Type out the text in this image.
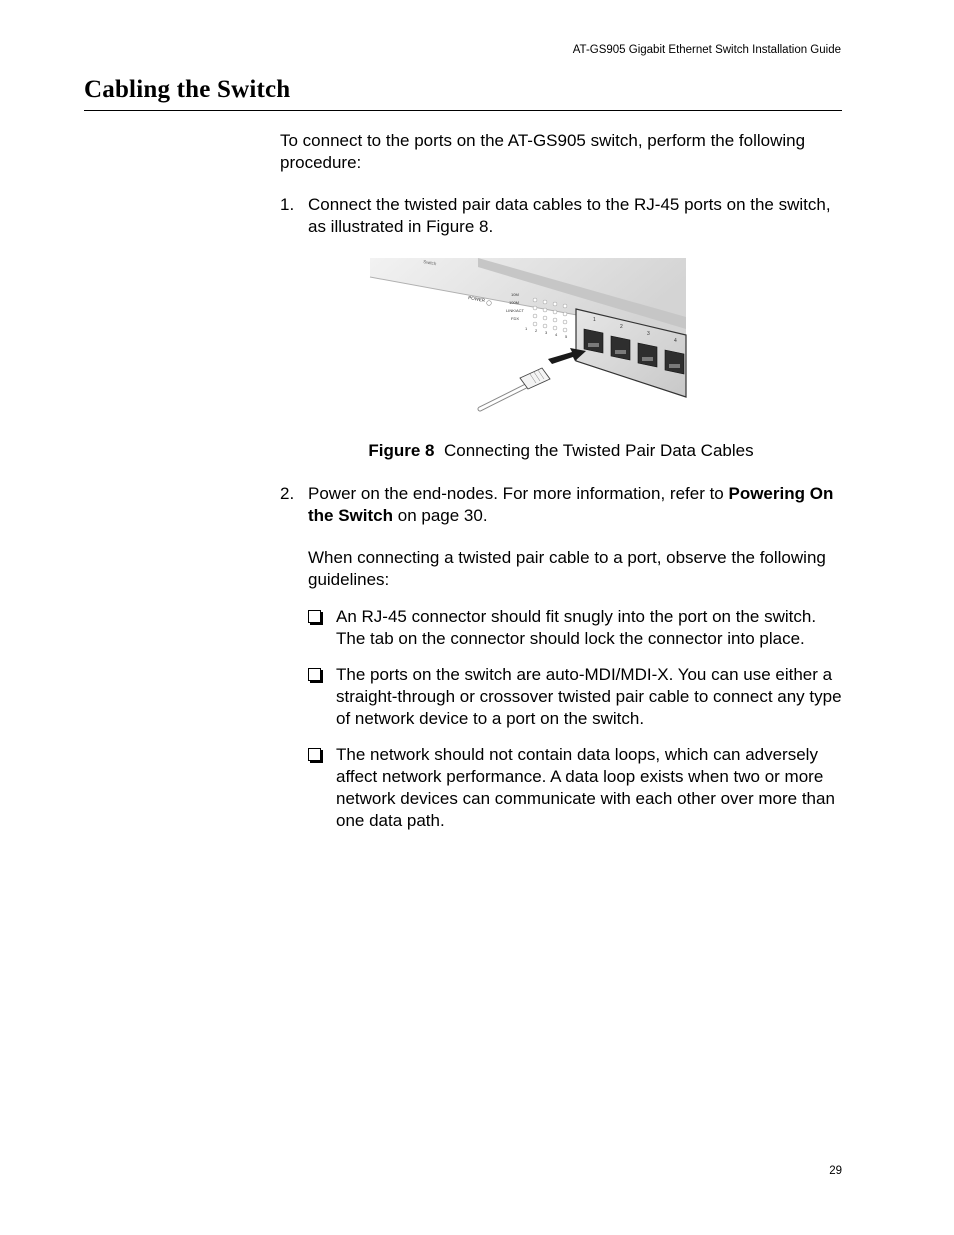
AT-GS905 Gigabit Ethernet Switch Installation Guide
Cabling the Switch
To connect to the ports on the AT-GS905 switch, perform the following procedure:
1. Connect the twisted pair data cables to the RJ-45 ports on the switch, as illustrated in Figure 8.
1
2
3
4
Switch
POWER
10M
100M
LINK/ACT
FDX
1 2 3 4 5
Figure 8 Connecting the Twisted Pair Data Cables
2. Power on the end-nodes. For more information, refer to Powering On the Switch on page 30.
When connecting a twisted pair cable to a port, observe the following guidelines:
An RJ-45 connector should fit snugly into the port on the switch. The tab on the connector should lock the connector into place.
The ports on the switch are auto-MDI/MDI-X. You can use either a straight-through or crossover twisted pair cable to connect any type of network device to a port on the switch.
The network should not contain data loops, which can adversely affect network performance. A data loop exists when two or more network devices can communicate with each other over more than one data path.
29
